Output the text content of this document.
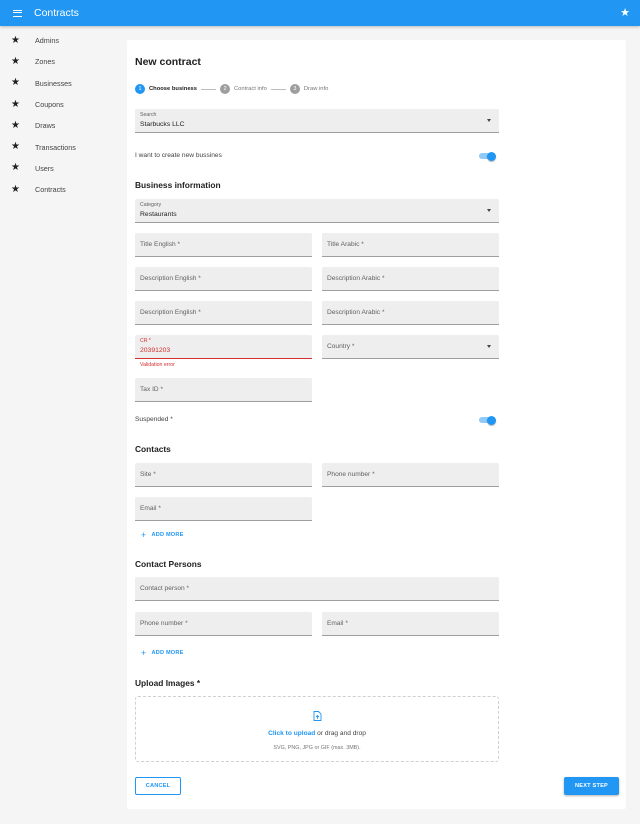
Contracts	★
★ Admins
★ Zones
★ Businesses
★ Coupons
★ Draws
★ Transactions
★ Users
★ Contracts
New contract
1	Choose business	2	Contract info	3	Draw info
Search
Starbucks LLC
I want to create new bussines
Business information
Category
Restaurants
Title English *	Title Arabic *
Description English *	Description Arabic *
Description English *	Description Arabic *
CR *
20391203
Validation error
Country *
Tax ID *
Suspended *
Contacts
Site *	Phone number *
Email *
+ ADD MORE
Contact Persons
Contact person *
Phone number *	Email *
+ ADD MORE
Upload Images *
Click to upload or drag and drop
SVG, PNG, JPG or GIF (max. 3MB).
CANCEL	NEXT STEP
